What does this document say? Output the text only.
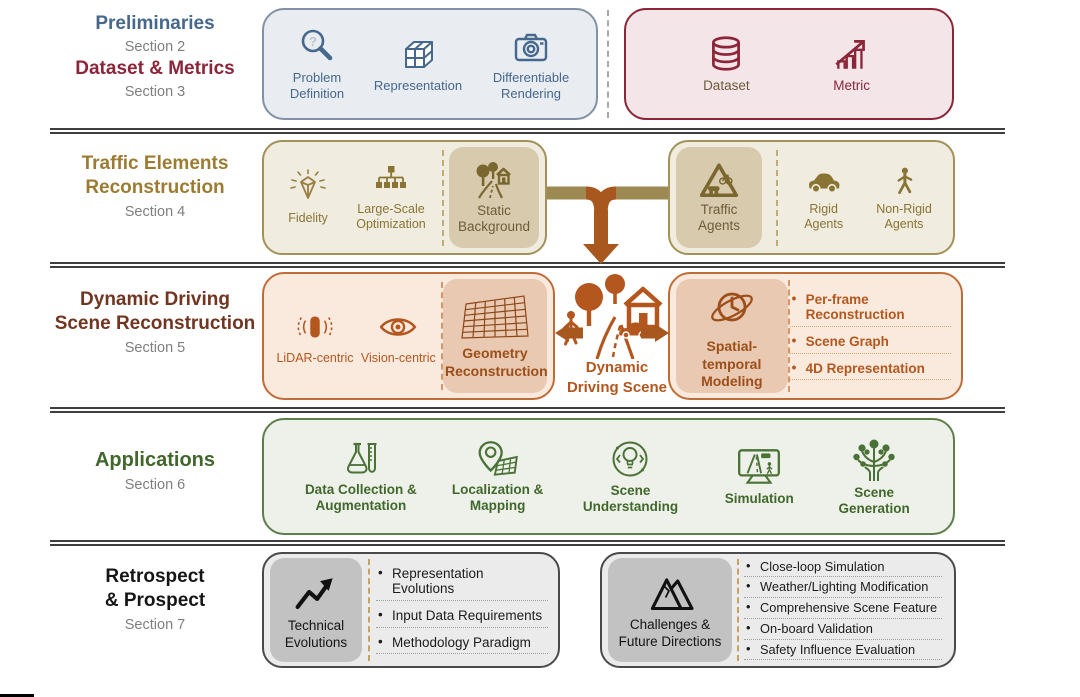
Preliminaries
Section 2
Dataset & Metrics
Section 3
?
Problem Definition
Representation
Differentiable Rendering	Dataset	Metric
Traffic Elements
Reconstruction
Section 4	Fidelity
Large-Scale Optimization
Static Background
Traffic Agents
Rigid Agents
Non-Rigid Agents
Dynamic Driving
Scene Reconstruction
Section 5
LiDAR-centric Vision-centric	Geometry Reconstruction	Dynamic Driving Scene
Spatial-temporal Modeling
• Per-frame Reconstruction
• Scene Graph
• 4D Representation
Applications
Section 6	Data Collection & Augmentation
Localization & Mapping
Scene Understanding
Simulation	Scene Generation
Retrospect
& Prospect
Section 7	Technical Evolutions
• Representation Evolutions
• Input Data Requirements
• Methodology Paradigm
Challenges & Future Directions
• Close-loop Simulation
• Weather/Lighting Modification
• Comprehensive Scene Feature
• On-board Validation
• Safety Influence Evaluation
